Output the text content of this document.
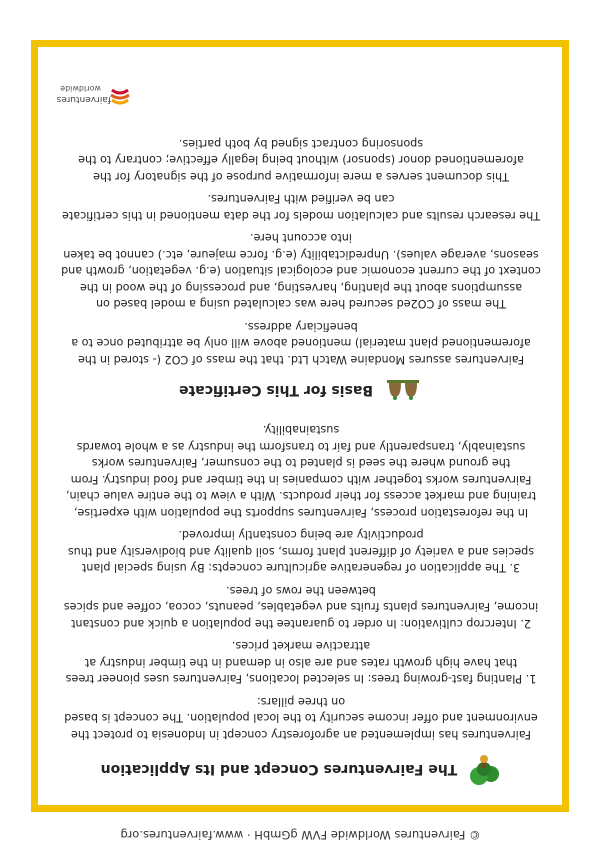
The Fairventures Concept and Its Application

Fairventures has implemented an agroforestry concept in Indonesia to protect the environment and offer income security to the local population. The concept is based on three pillars:

1. Planting fast-growing trees: In selected locations, Fairventures uses pioneer trees that have high growth rates and are also in demand in the timber industry at attractive market prices.

2. Intercrop cultivation: In order to guarantee the population a quick and constant income, Fairventures plants fruits and vegetables, peanuts, cocoa, coffee and spices between the rows of trees.

3. The application of regenerative agriculture concepts: By using special plant species and a variety of different plant forms, soil quality and biodiversity and thus productivity are being constantly improved.

In the reforestation process, Fairventures supports the population with expertise, training and market access for their products. With a view to the entire value chain, Fairventures works together with companies in the timber and food industry. From the ground where the seed is planted to the consumer, Fairventures works sustainably, transparently and fair to transform the industry as a whole towards sustainability.

Basis for This Certificate

Fairventures assures Mondaine Watch Ltd. that the mass of CO2 (- stored in the aforementioned plant material) mentioned above will only be attributed once to a beneficiary address.

The mass of CO2ed secured here was calculated using a model based on assumptions about the planting, harvesting, and processing of the wood in the context of the current economic and ecological situation (e.g. vegetation, growth and seasons, average values). Unpredictability (e.g. force majeure, etc.) cannot be taken into account here.

The research results and calculation models for the data mentioned in this certificate can be verified with Fairventures.

This document serves a mere informative purpose of the signatory for the aforementioned donor (sponsor) without being legally effective; contrary to the sponsoring contract signed by both parties.

fairventures
worldwide
© Fairventures Worldwide FVW gGmbH · www.fairventures.org
